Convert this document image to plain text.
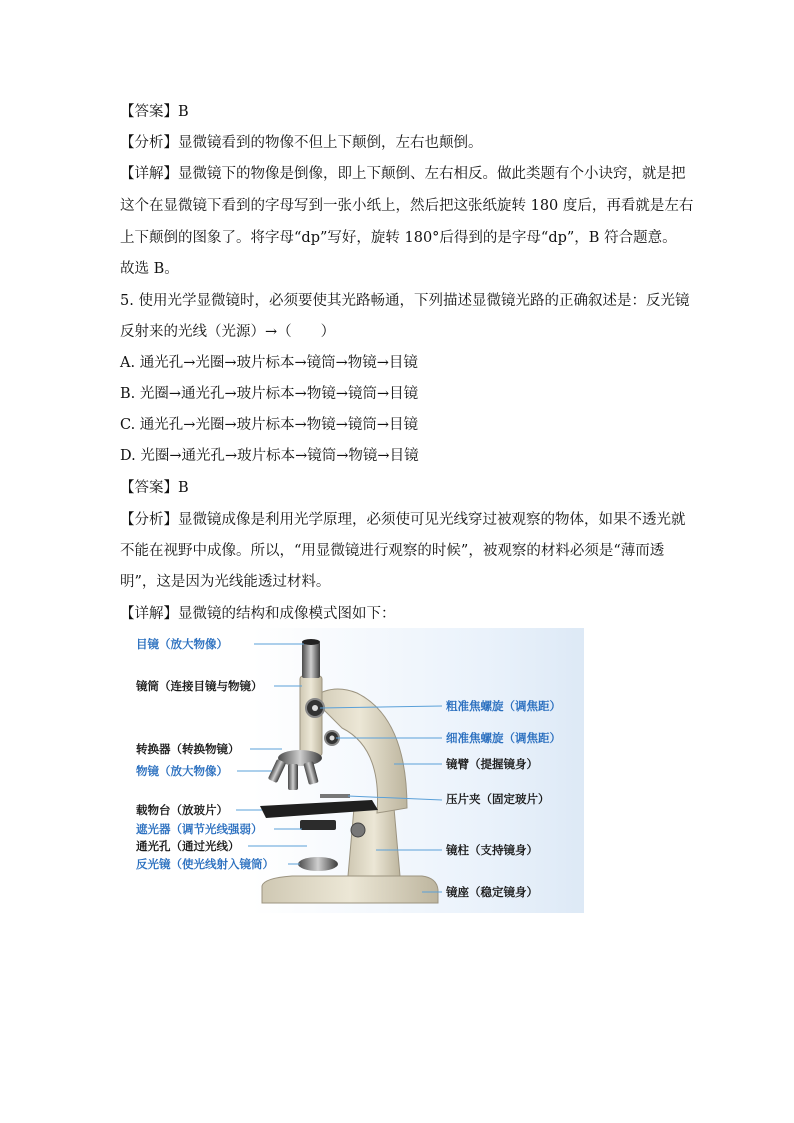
【答案】B
【分析】显微镜看到的物像不但上下颠倒，左右也颠倒。
【详解】显微镜下的物像是倒像，即上下颠倒、左右相反。做此类题有个小诀窍，就是把
这个在显微镜下看到的字母写到一张小纸上，然后把这张纸旋转 180 度后，再看就是左右
上下颠倒的图象了。将字母“dp”写好，旋转 180°后得到的是字母“dp”，B 符合题意。
故选 B。
5. 使用光学显微镜时，必须要使其光路畅通，下列描述显微镜光路的正确叙述是：反光镜
反射来的光线（光源）→（　　）
A. 通光孔→光圈→玻片标本→镜筒→物镜→目镜
B. 光圈→通光孔→玻片标本→物镜→镜筒→目镜
C. 通光孔→光圈→玻片标本→物镜→镜筒→目镜
D. 光圈→通光孔→玻片标本→镜筒→物镜→目镜
【答案】B
【分析】显微镜成像是利用光学原理，必须使可见光线穿过被观察的物体，如果不透光就
不能在视野中成像。所以，“用显微镜进行观察的时候”，被观察的材料必须是“薄而透
明”，这是因为光线能透过材料。
【详解】显微镜的结构和成像模式图如下：
目镜（放大物像）
镜筒（连接目镜与物镜）
转换器（转换物镜）
物镜（放大物像）
载物台（放玻片）
遮光器（调节光线强弱）
通光孔（通过光线）
反光镜（使光线射入镜筒）
粗准焦螺旋（调焦距）
细准焦螺旋（调焦距）
镜臂（提握镜身）
压片夹（固定玻片）
镜柱（支持镜身）
镜座（稳定镜身）
